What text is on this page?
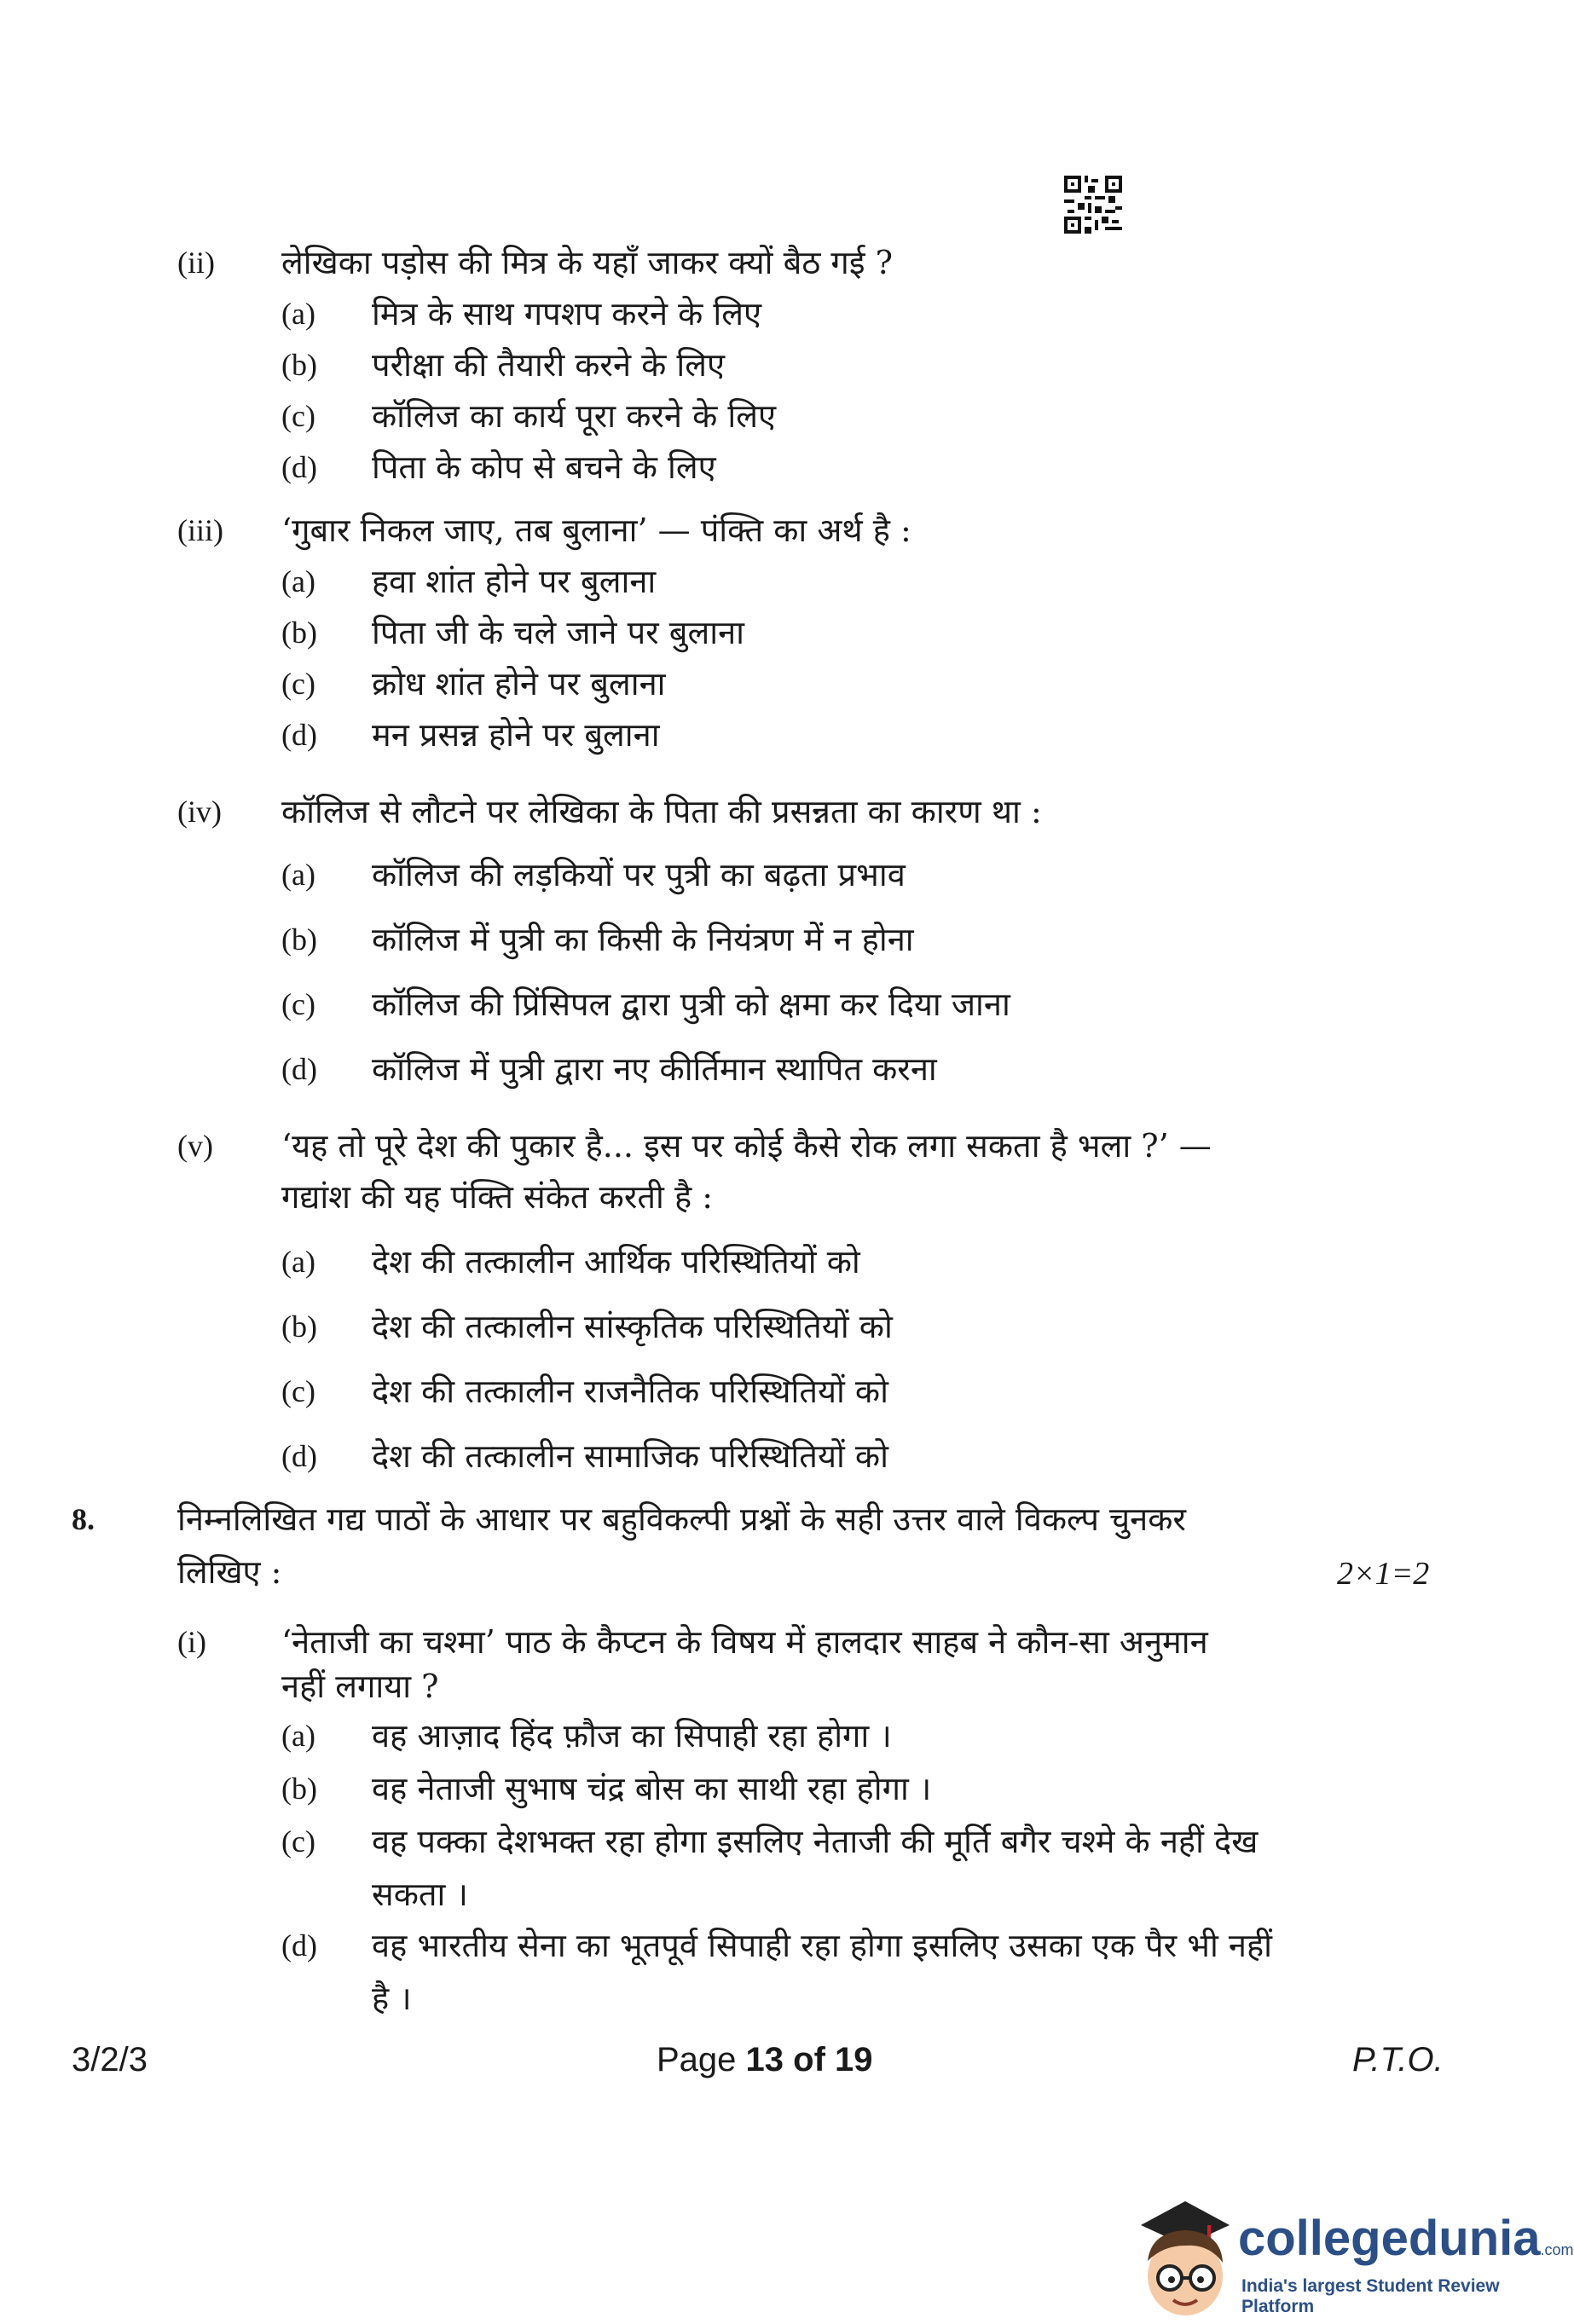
(ii) लेखिका पड़ोस की मित्र के यहाँ जाकर क्यों बैठ गई ?
(a) मित्र के साथ गपशप करने के लिए
(b) परीक्षा की तैयारी करने के लिए
(c) कॉलिज का कार्य पूरा करने के लिए
(d) पिता के कोप से बचने के लिए
(iii) ‘गुबार निकल जाए, तब बुलाना’ — पंक्ति का अर्थ है :
(a) हवा शांत होने पर बुलाना
(b) पिता जी के चले जाने पर बुलाना
(c) क्रोध शांत होने पर बुलाना
(d) मन प्रसन्न होने पर बुलाना
(iv) कॉलिज से लौटने पर लेखिका के पिता की प्रसन्नता का कारण था :
(a) कॉलिज की लड़कियों पर पुत्री का बढ़ता प्रभाव
(b) कॉलिज में पुत्री का किसी के नियंत्रण में न होना
(c) कॉलिज की प्रिंसिपल द्वारा पुत्री को क्षमा कर दिया जाना
(d) कॉलिज में पुत्री द्वारा नए कीर्तिमान स्थापित करना
(v) ‘यह तो पूरे देश की पुकार है... इस पर कोई कैसे रोक लगा सकता है भला ?’ —
गद्यांश की यह पंक्ति संकेत करती है :
(a) देश की तत्कालीन आर्थिक परिस्थितियों को
(b) देश की तत्कालीन सांस्कृतिक परिस्थितियों को
(c) देश की तत्कालीन राजनैतिक परिस्थितियों को
(d) देश की तत्कालीन सामाजिक परिस्थितियों को
8.	निम्नलिखित गद्य पाठों के आधार पर बहुविकल्पी प्रश्नों के सही उत्तर वाले विकल्प चुनकर
लिखिए :	2×1=2
(i) ‘नेताजी का चश्मा’ पाठ के कैप्टन के विषय में हालदार साहब ने कौन-सा अनुमान
नहीं लगाया ?
(a) वह आज़ाद हिंद फ़ौज का सिपाही रहा होगा ।
(b) वह नेताजी सुभाष चंद्र बोस का साथी रहा होगा ।
(c) वह पक्का देशभक्त रहा होगा इसलिए नेताजी की मूर्ति बगैर चश्मे के नहीं देख
सकता ।
(d) वह भारतीय सेना का भूतपूर्व सिपाही रहा होगा इसलिए उसका एक पैर भी नहीं
है ।
3/2/3	Page 13 of 19	P.T.O.
collegedunia.com
India's largest Student Review Platform
